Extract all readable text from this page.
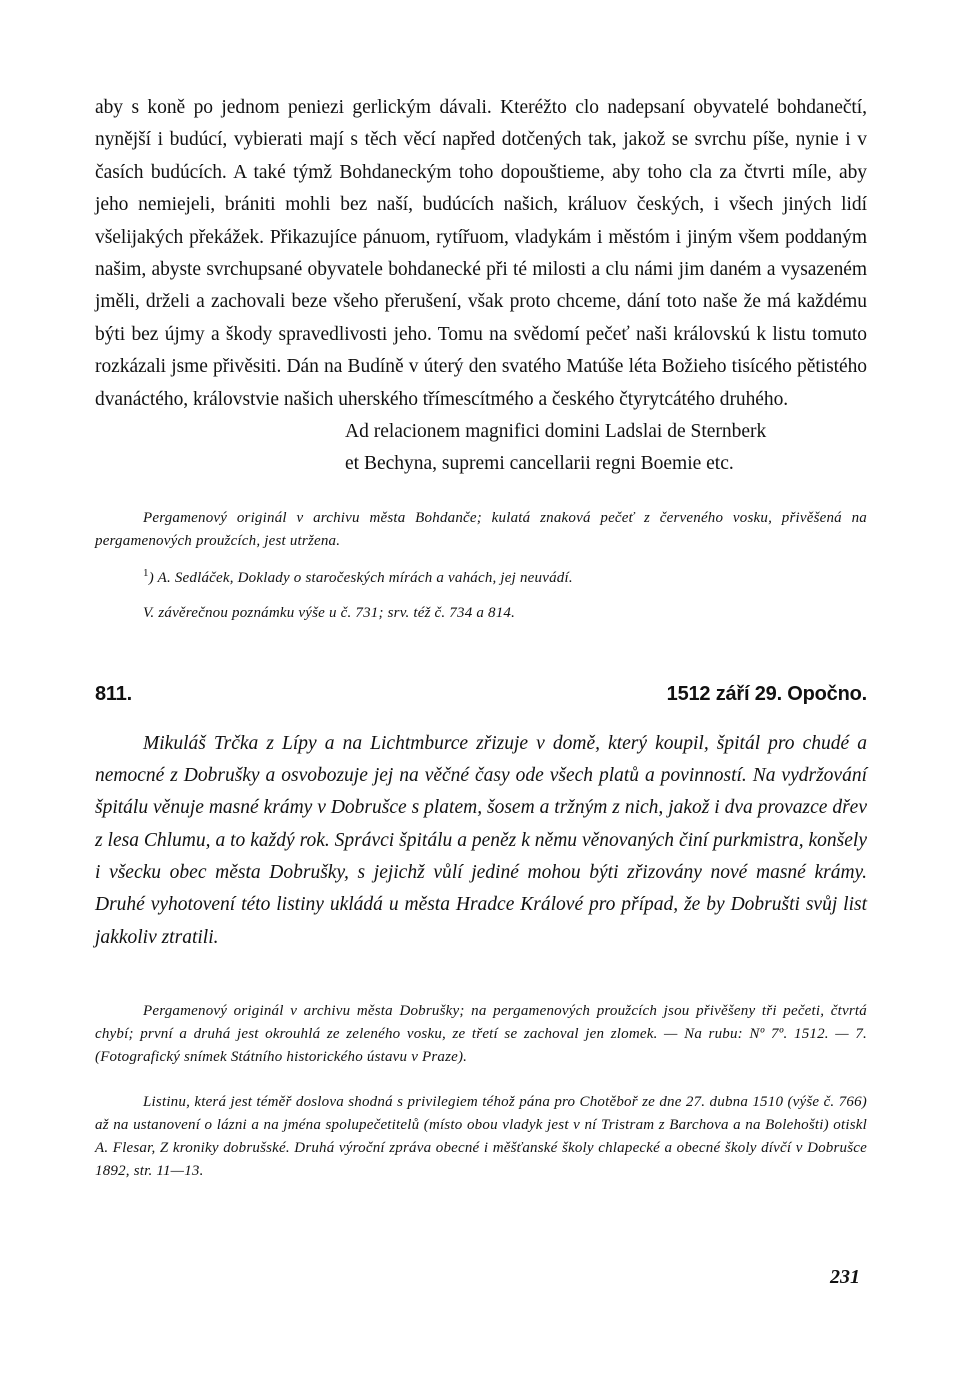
aby s koně po jednom peniezi gerlickým dávali. Kteréžto clo nadepsaní obyvatelé bohdanečtí, nynější i budúcí, vybierati mají s těch věcí napřed dotčených tak, jakož se svrchu píše, nynie i v časích budúcích. A také týmž Bohdaneckým toho dopouštieme, aby toho cla za čtvrti míle, aby jeho nemiejeli, brániti mohli bez naší, budúcích našich, králuov českých, i všech jiných lidí všelijakých překážek. Přikazujíce pánuom, rytířuom, vladykám i městóm i jiným všem poddaným našim, abyste svrchupsané obyvatele bohdanecké při té milosti a clu námi jim daném a vysazeném jměli, drželi a zachovali beze všeho přerušení, však proto chceme, dání toto naše že má každému býti bez újmy a škody spravedlivosti jeho. Tomu na svědomí pečeť naši královskú k listu tomuto rozkázali jsme přivěsiti. Dán na Budíně v úterý den svatého Matúše léta Božieho tisícého pětistého dvanáctého, královstvie našich uherského třímescítmého a českého čtyrytcátého druhého.

Ad relacionem magnifici domini Ladslai de Sternberk

et Bechyna, supremi cancellarii regni Boemie etc.

Pergamenový originál v archivu města Bohdanče; kulatá znaková pečeť z červeného vosku, přivěšená na pergamenových proužcích, jest utržena.

$^1$) A. Sedláček, Doklady o staročeských mírách a vahách, jej neuvádí.

V. závěrečnou poznámku výše u č. 731; srv. též č. 734 a 814.

811.	1512 září 29. Opočno.

Mikuláš Trčka z Lípy a na Lichtmburce zřizuje v domě, který koupil, špitál pro chudé a nemocné z Dobrušky a osvobozuje jej na věčné časy ode všech platů a povinností. Na vydržování špitálu věnuje masné krámy v Dobrušce s platem, šosem a tržným z nich, jakož i dva provazce dřev z lesa Chlumu, a to každý rok. Správci špitálu a peněz k němu věnovaných činí purkmistra, konšely i všecku obec města Dobrušky, s jejichž vůlí jediné mohou býti zřizovány nové masné krámy. Druhé vyhotovení této listiny ukládá u města Hradce Králové pro případ, že by Dobrušti svůj list jakkoliv ztratili.

Pergamenový originál v archivu města Dobrušky; na pergamenových proužcích jsou přivěšeny tři pečeti, čtvrtá chybí; první a druhá jest okrouhlá ze zeleného vosku, ze třetí se zachoval jen zlomek. — Na rubu: Nº 7º. 1512. — 7. (Fotografický snímek Státního historického ústavu v Praze).

Listinu, která jest téměř doslova shodná s privilegiem téhož pána pro Chotěboř ze dne 27. dubna 1510 (výše č. 766) až na ustanovení o lázni a na jména spolupečetitelů (místo obou vladyk jest v ní Tristram z Barchova a na Bolehošti) otiskl A. Flesar, Z kroniky dobrušské. Druhá výroční zpráva obecné i měšťanské školy chlapecké a obecné školy dívčí v Dobrušce 1892, str. 11—13.

231
